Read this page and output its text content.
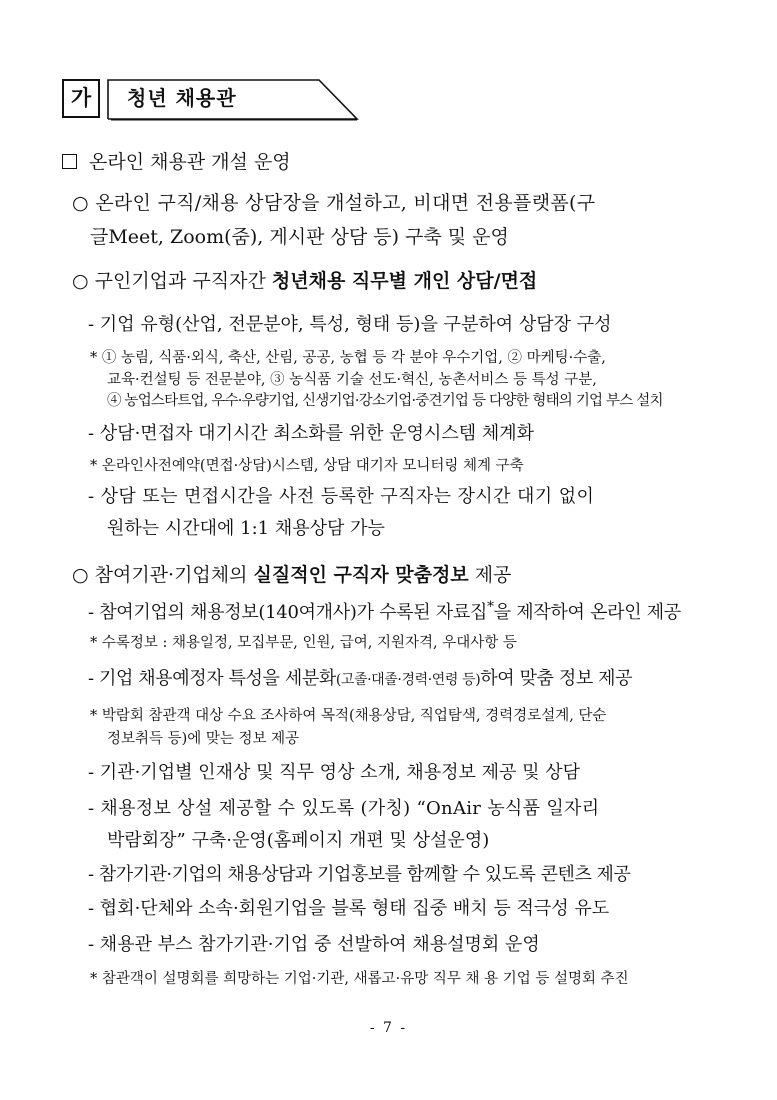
가	청년 채용관
온라인 채용관 개설 운영
○ 온라인 구직/채용 상담장을 개설하고, 비대면 전용플랫폼(구
글Meet, Zoom(줌), 게시판 상담 등) 구축 및 운영
○ 구인기업과 구직자간 청년채용 직무별 개인 상담/면접
- 기업 유형(산업, 전문분야, 특성, 형태 등)을 구분하여 상담장 구성
* ① 농림, 식품·외식, 축산, 산림, 공공, 농협 등 각 분야 우수기업, ② 마케팅·수출,
교육·컨설팅 등 전문분야, ③ 농식품 기술 선도·혁신, 농촌서비스 등 특성 구분,
④ 농업스타트업, 우수·우량기업, 신생기업·강소기업·중견기업 등 다양한 형태의 기업 부스 설치
- 상담·면접자 대기시간 최소화를 위한 운영시스템 체계화
* 온라인사전예약(면접·상담)시스템, 상담 대기자 모니터링 체계 구축
- 상담 또는 면접시간을 사전 등록한 구직자는 장시간 대기 없이
원하는 시간대에 1:1 채용상담 가능
○ 참여기관·기업체의 실질적인 구직자 맞춤정보 제공
- 참여기업의 채용정보(140여개사)가 수록된 자료집*을 제작하여 온라인 제공
* 수록정보 : 채용일정, 모집부문, 인원, 급여, 지원자격, 우대사항 등
- 기업 채용예정자 특성을 세분화(고졸·대졸·경력·연령 등)하여 맞춤 정보 제공
* 박람회 참관객 대상 수요 조사하여 목적(채용상담, 직업탐색, 경력경로설계, 단순
정보취득 등)에 맞는 정보 제공
- 기관·기업별 인재상 및 직무 영상 소개, 채용정보 제공 및 상담
- 채용정보 상설 제공할 수 있도록 (가칭) “OnAir 농식품 일자리
박람회장” 구축·운영(홈페이지 개편 및 상설운영)
- 참가기관·기업의 채용상담과 기업홍보를 함께할 수 있도록 콘텐츠 제공
- 협회·단체와 소속·회원기업을 블록 형태 집중 배치 등 적극성 유도
- 채용관 부스 참가기관·기업 중 선발하여 채용설명회 운영
* 참관객이 설명회를 희망하는 기업·기관, 새롭고·유망 직무 채 용 기업 등 설명회 추진
- 7 -
